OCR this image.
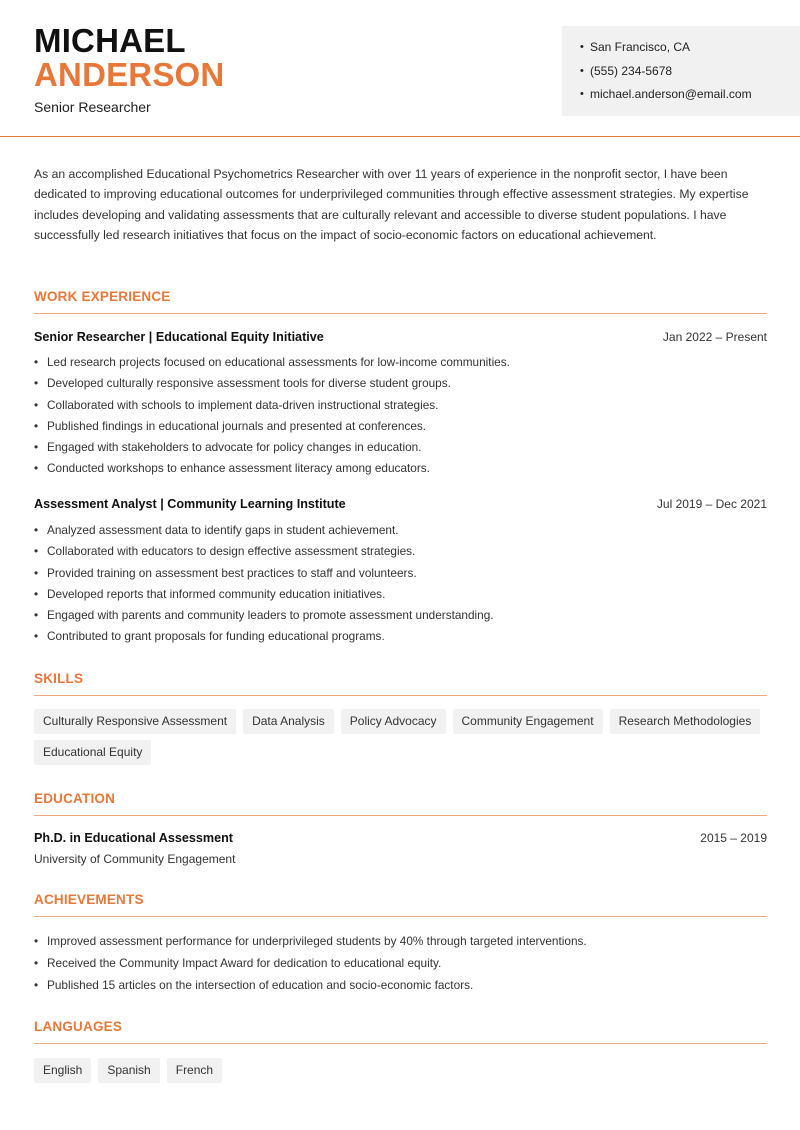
MICHAEL
ANDERSON
Senior Researcher
• San Francisco, CA
• (555) 234-5678
• michael.anderson@email.com

As an accomplished Educational Psychometrics Researcher with over 11 years of experience in the nonprofit sector, I have been dedicated to improving educational outcomes for underprivileged communities through effective assessment strategies. My expertise includes developing and validating assessments that are culturally relevant and accessible to diverse student populations. I have successfully led research initiatives that focus on the impact of socio-economic factors on educational achievement.

WORK EXPERIENCE
Senior Researcher | Educational Equity Initiative	Jan 2022 – Present
• Led research projects focused on educational assessments for low-income communities.
• Developed culturally responsive assessment tools for diverse student groups.
• Collaborated with schools to implement data-driven instructional strategies.
• Published findings in educational journals and presented at conferences.
• Engaged with stakeholders to advocate for policy changes in education.
• Conducted workshops to enhance assessment literacy among educators.
Assessment Analyst | Community Learning Institute	Jul 2019 – Dec 2021
• Analyzed assessment data to identify gaps in student achievement.
• Collaborated with educators to design effective assessment strategies.
• Provided training on assessment best practices to staff and volunteers.
• Developed reports that informed community education initiatives.
• Engaged with parents and community leaders to promote assessment understanding.
• Contributed to grant proposals for funding educational programs.
SKILLS
Culturally Responsive Assessment Data Analysis Policy Advocacy Community Engagement Research MethodologiesEducational Equity
EDUCATION
Ph.D. in Educational Assessment	2015 – 2019
University of Community Engagement
ACHIEVEMENTS
• Improved assessment performance for underprivileged students by 40% through targeted interventions.
• Received the Community Impact Award for dedication to educational equity.
• Published 15 articles on the intersection of education and socio-economic factors.
LANGUAGES
English Spanish French
